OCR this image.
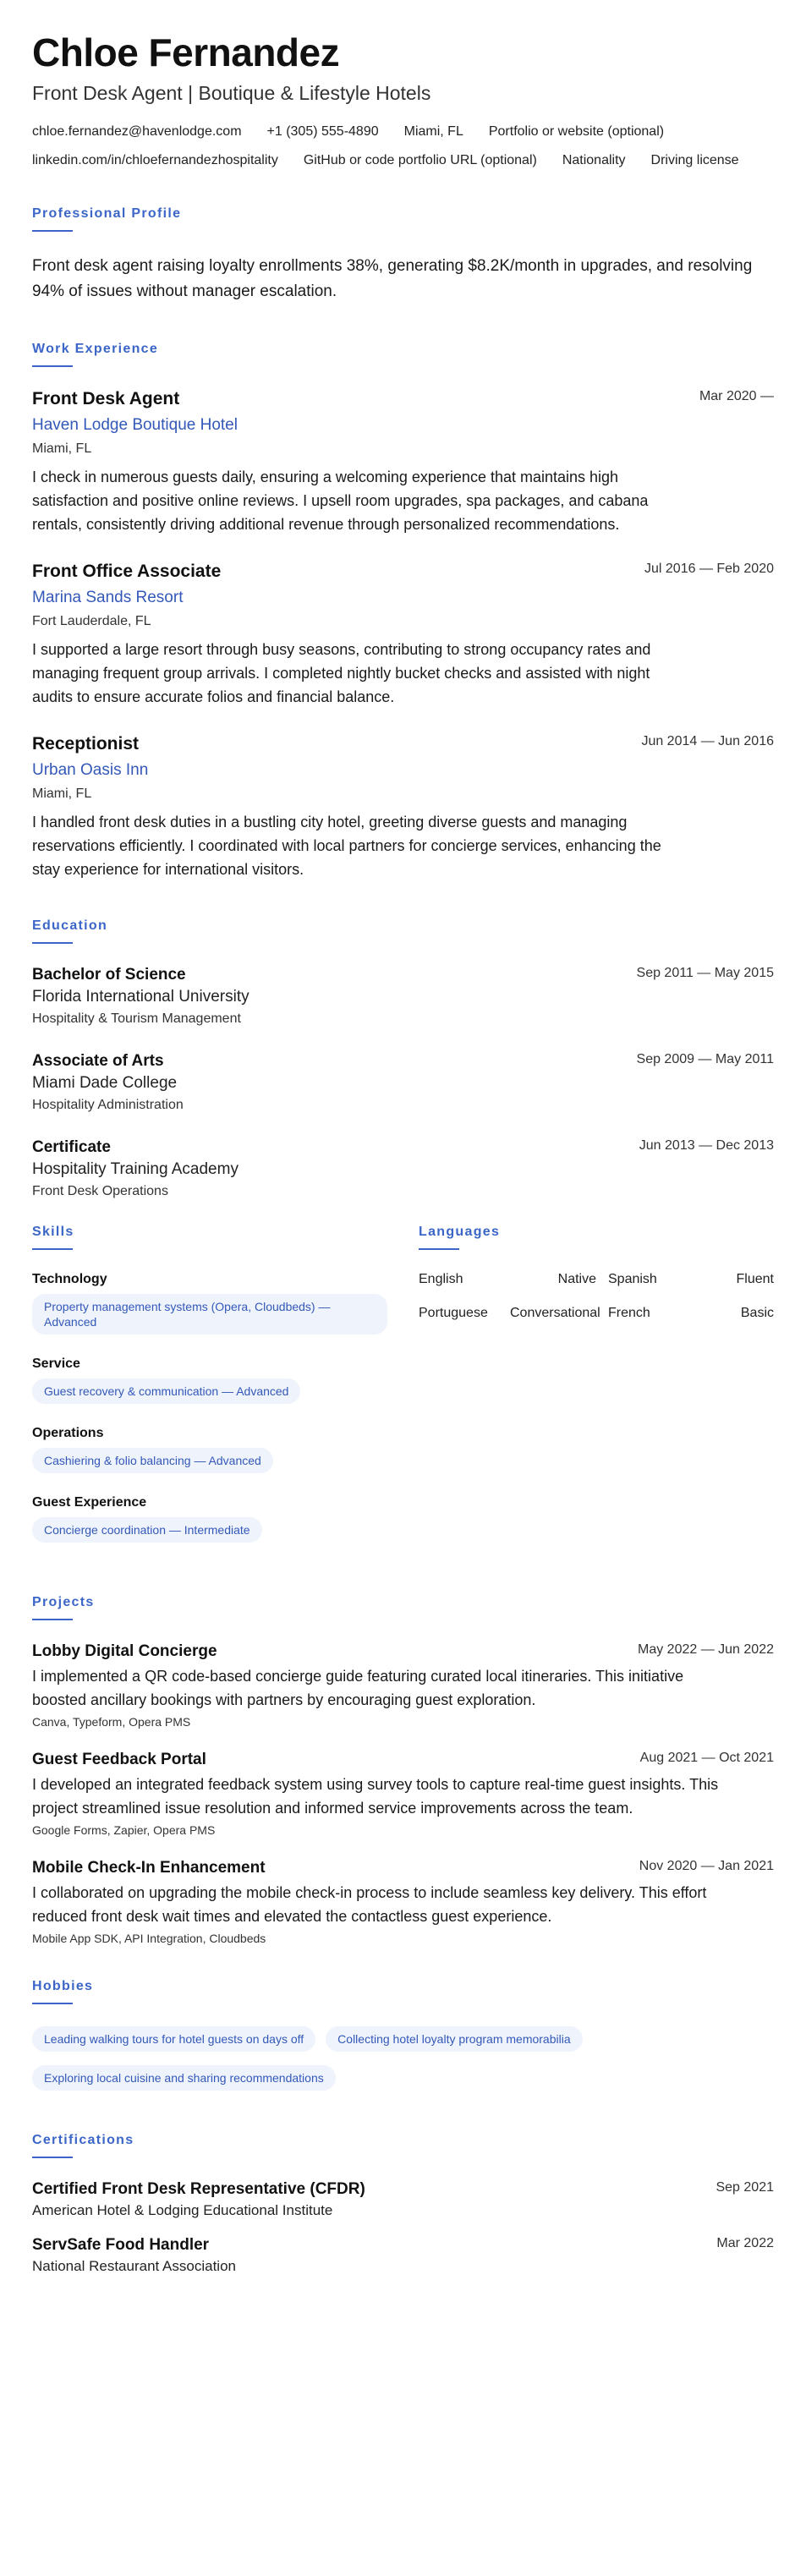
Chloe Fernandez
Front Desk Agent | Boutique & Lifestyle Hotels
chloe.fernandez@havenlodge.com +1 (305) 555-4890 Miami, FL Portfolio or website (optional)
linkedin.com/in/chloefernandezhospitality GitHub or code portfolio URL (optional) Nationality Driving license
Professional Profile
Front desk agent raising loyalty enrollments 38%, generating $8.2K/month in upgrades, and resolving 94% of issues without manager escalation.
Work Experience
Front Desk Agent	Mar 2020 —
Haven Lodge Boutique Hotel
Miami, FL
I check in numerous guests daily, ensuring a welcoming experience that maintains high satisfaction and positive online reviews. I upsell room upgrades, spa packages, and cabana rentals, consistently driving additional revenue through personalized recommendations.
Front Office Associate	Jul 2016 — Feb 2020
Marina Sands Resort
Fort Lauderdale, FL
I supported a large resort through busy seasons, contributing to strong occupancy rates and managing frequent group arrivals. I completed nightly bucket checks and assisted with night audits to ensure accurate folios and financial balance.
Receptionist	Jun 2014 — Jun 2016
Urban Oasis Inn
Miami, FL
I handled front desk duties in a bustling city hotel, greeting diverse guests and managing reservations efficiently. I coordinated with local partners for concierge services, enhancing the stay experience for international visitors.
Education
Bachelor of Science	Sep 2011 — May 2015
Florida International University
Hospitality & Tourism Management
Associate of Arts	Sep 2009 — May 2011
Miami Dade College
Hospitality Administration
Certificate	Jun 2013 — Dec 2013
Hospitality Training Academy
Front Desk Operations
Skills
Technology
Property management systems (Opera, Cloudbeds) — Advanced
Service
Guest recovery & communication — Advanced
Operations
Cashiering & folio balancing — Advanced
Guest Experience
Concierge coordination — Intermediate
Languages
English	Native Spanish	Fluent
Portuguese	Conversational French	Basic
Projects
Lobby Digital Concierge	May 2022 — Jun 2022
I implemented a QR code-based concierge guide featuring curated local itineraries. This initiative boosted ancillary bookings with partners by encouraging guest exploration.
Canva, Typeform, Opera PMS
Guest Feedback Portal	Aug 2021 — Oct 2021
I developed an integrated feedback system using survey tools to capture real-time guest insights. This project streamlined issue resolution and informed service improvements across the team.
Google Forms, Zapier, Opera PMS
Mobile Check-In Enhancement	Nov 2020 — Jan 2021
I collaborated on upgrading the mobile check-in process to include seamless key delivery. This effort reduced front desk wait times and elevated the contactless guest experience.
Mobile App SDK, API Integration, Cloudbeds
Hobbies
Leading walking tours for hotel guests on days off	Collecting hotel loyalty program memorabilia
Exploring local cuisine and sharing recommendations
Certifications
Certified Front Desk Representative (CFDR)	Sep 2021
American Hotel & Lodging Educational Institute
ServSafe Food Handler	Mar 2022
National Restaurant Association
